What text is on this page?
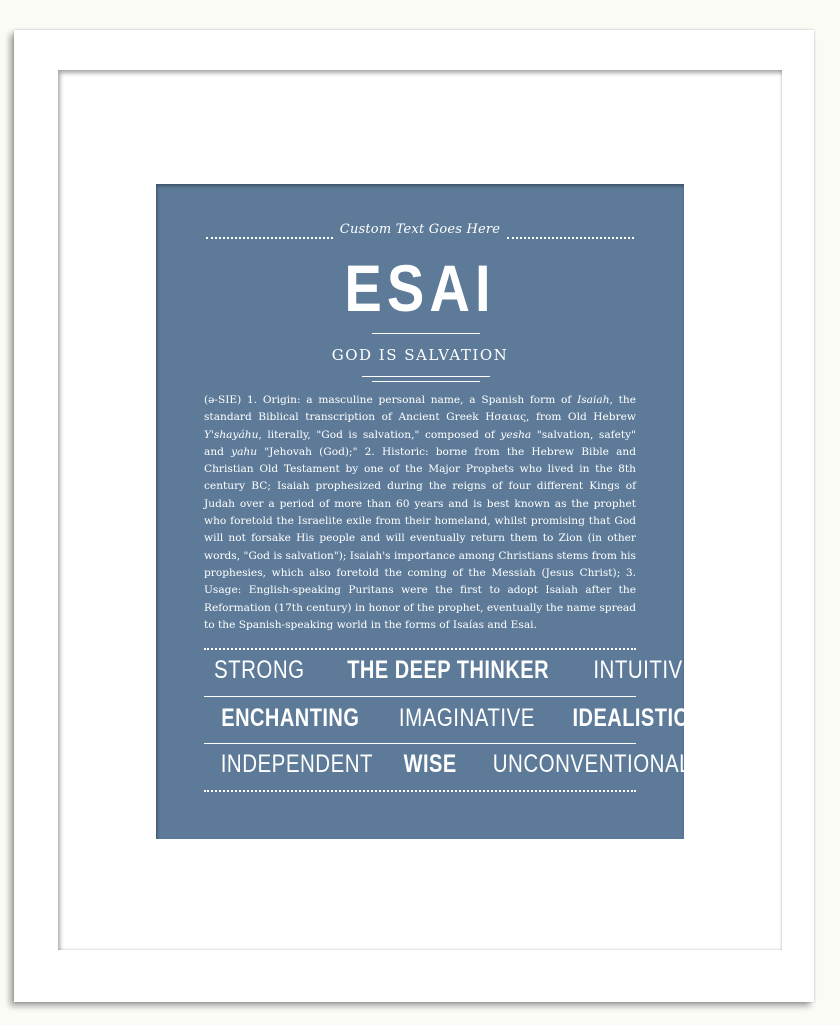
Custom Text Goes Here
ESAI
GOD IS SALVATION
(ə-SIE) 1. Origin: a masculine personal name, a Spanish form of Isaiah, the standard Biblical transcription of Ancient Greek Ησαιας, from Old Hebrew Y'shayáhu, literally, "God is salvation," composed of yesha "salvation, safety" and yahu "Jehovah (God);" 2. Historic: borne from the Hebrew Bible and Christian Old Testament by one of the Major Prophets who lived in the 8th century BC; Isaiah prophesized during the reigns of four different Kings of Judah over a period of more than 60 years and is best known as the prophet who foretold the Israelite exile from their homeland, whilst promising that God will not forsake His people and will eventually return them to Zion (in other words, "God is salvation"); Isaiah's importance among Christians stems from his prophesies, which also foretold the coming of the Messiah (Jesus Christ); 3. Usage: English-speaking Puritans were the first to adopt Isaiah after the Reformation (17th century) in honor of the prophet, eventually the name spread to the Spanish-speaking world in the forms of Isaías and Esai.
STRONG THE DEEP THINKER INTUITIVE
ENCHANTING IMAGINATIVE IDEALISTIC
INDEPENDENT WISE UNCONVENTIONAL
